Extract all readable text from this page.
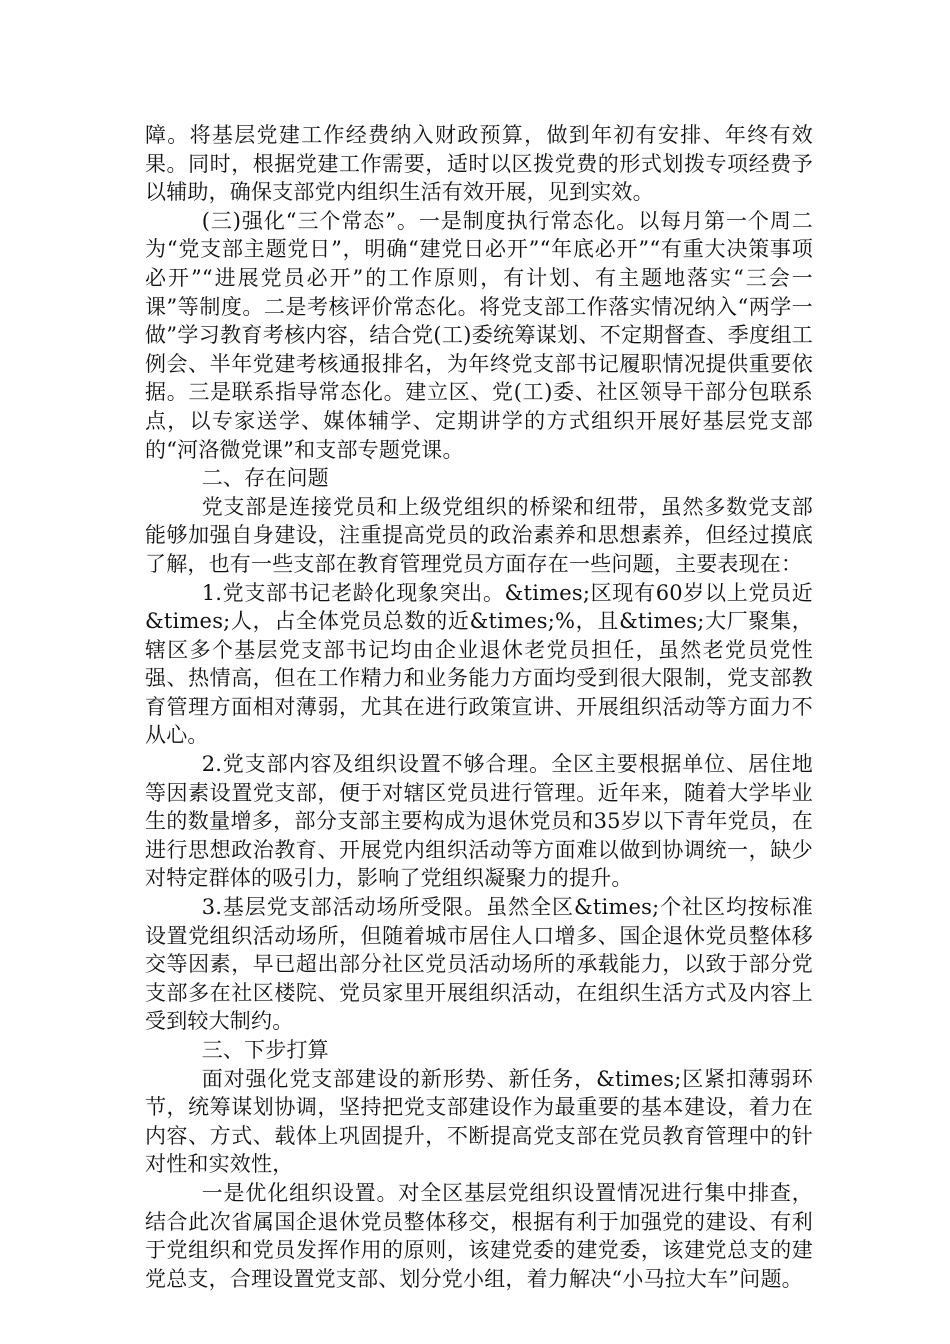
障。将基层党建工作经费纳入财政预算，做到年初有安排、年终有效果。同时，根据党建工作需要，适时以区拨党费的形式划拨专项经费予以辅助，确保支部党内组织生活有效开展，见到实效。

(三)强化“三个常态”。一是制度执行常态化。以每月第一个周二为“党支部主题党日”，明确“建党日必开”“年底必开”“有重大决策事项必开”“进展党员必开”的工作原则，有计划、有主题地落实“三会一课”等制度。二是考核评价常态化。将党支部工作落实情况纳入“两学一做”学习教育考核内容，结合党(工)委统筹谋划、不定期督查、季度组工例会、半年党建考核通报排名，为年终党支部书记履职情况提供重要依据。三是联系指导常态化。建立区、党(工)委、社区领导干部分包联系点，以专家送学、媒体辅学、定期讲学的方式组织开展好基层党支部的“河洛微党课”和支部专题党课。

二、存在问题

党支部是连接党员和上级党组织的桥梁和纽带，虽然多数党支部能够加强自身建设，注重提高党员的政治素养和思想素养，但经过摸底了解，也有一些支部在教育管理党员方面存在一些问题，主要表现在：

1.党支部书记老龄化现象突出。&times;区现有60岁以上党员近&times;人，占全体党员总数的近&times;%，且&times;大厂聚集，辖区多个基层党支部书记均由企业退休老党员担任，虽然老党员党性强、热情高，但在工作精力和业务能力方面均受到很大限制，党支部教育管理方面相对薄弱，尤其在进行政策宣讲、开展组织活动等方面力不从心。

2.党支部内容及组织设置不够合理。全区主要根据单位、居住地等因素设置党支部，便于对辖区党员进行管理。近年来，随着大学毕业生的数量增多，部分支部主要构成为退休党员和35岁以下青年党员，在进行思想政治教育、开展党内组织活动等方面难以做到协调统一，缺少对特定群体的吸引力，影响了党组织凝聚力的提升。

3.基层党支部活动场所受限。虽然全区&times;个社区均按标准设置党组织活动场所，但随着城市居住人口增多、国企退休党员整体移交等因素，早已超出部分社区党员活动场所的承载能力，以致于部分党支部多在社区楼院、党员家里开展组织活动，在组织生活方式及内容上受到较大制约。

三、下步打算

面对强化党支部建设的新形势、新任务，&times;区紧扣薄弱环节，统筹谋划协调，坚持把党支部建设作为最重要的基本建设，着力在内容、方式、载体上巩固提升，不断提高党支部在党员教育管理中的针对性和实效性，

一是优化组织设置。对全区基层党组织设置情况进行集中排查，结合此次省属国企退休党员整体移交，根据有利于加强党的建设、有利于党组织和党员发挥作用的原则，该建党委的建党委，该建党总支的建党总支，合理设置党支部、划分党小组，着力解决“小马拉大车”问题。
